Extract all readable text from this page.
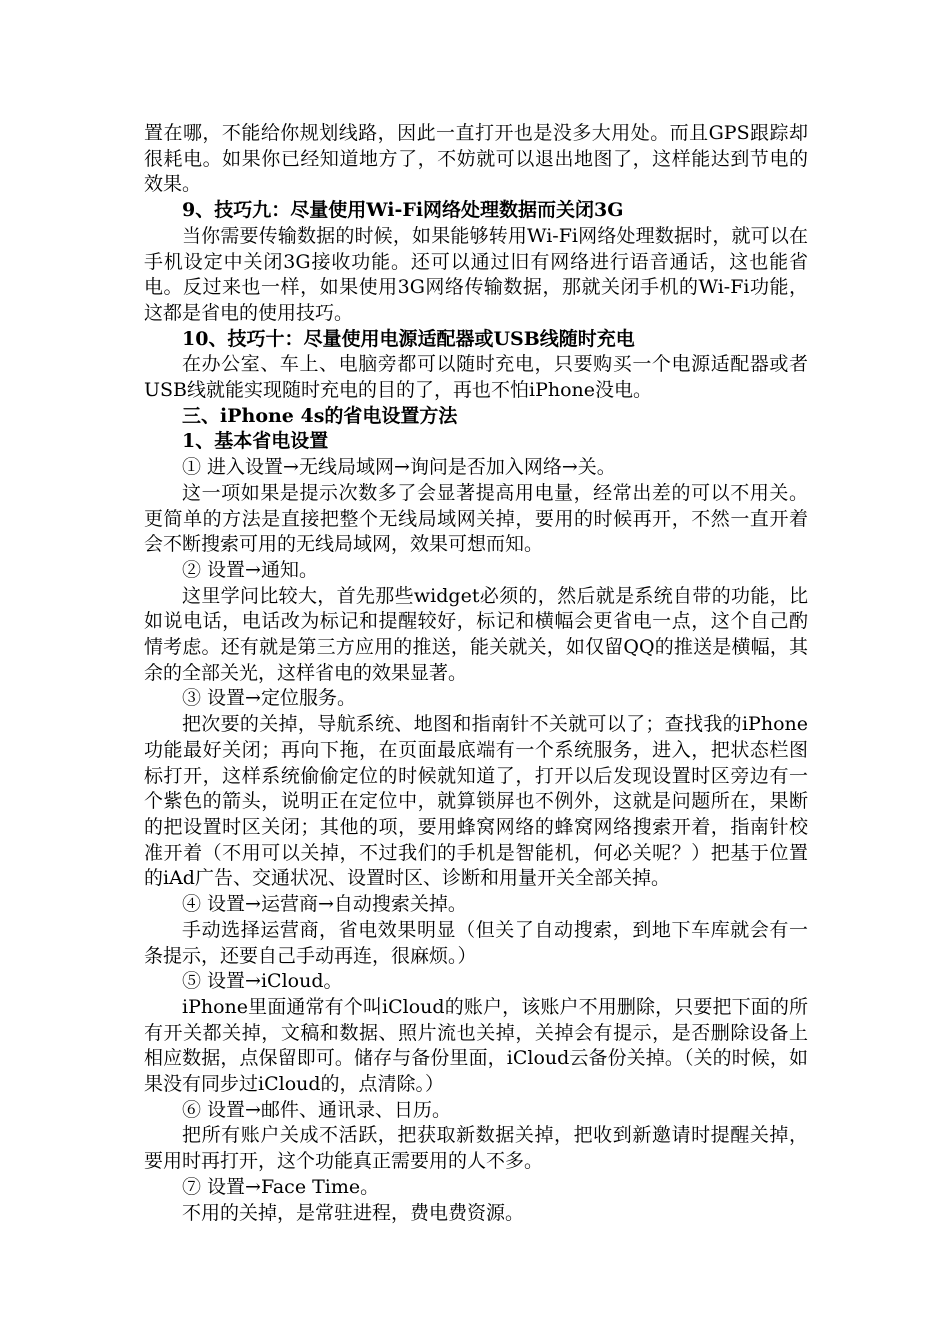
置在哪，不能给你规划线路，因此一直打开也是没多大用处。而且GPS跟踪却很耗电。如果你已经知道地方了，不妨就可以退出地图了，这样能达到节电的效果。

9、技巧九：尽量使用Wi-Fi网络处理数据而关闭3G

当你需要传输数据的时候，如果能够转用Wi-Fi网络处理数据时，就可以在手机设定中关闭3G接收功能。还可以通过旧有网络进行语音通话，这也能省电。反过来也一样，如果使用3G网络传输数据，那就关闭手机的Wi-Fi功能，这都是省电的使用技巧。

10、技巧十：尽量使用电源适配器或USB线随时充电

在办公室、车上、电脑旁都可以随时充电，只要购买一个电源适配器或者USB线就能实现随时充电的目的了，再也不怕iPhone没电。

三、iPhone 4s的省电设置方法

1、基本省电设置

① 进入设置→无线局域网→询问是否加入网络→关。

这一项如果是提示次数多了会显著提高用电量，经常出差的可以不用关。更简单的方法是直接把整个无线局域网关掉，要用的时候再开，不然一直开着会不断搜索可用的无线局域网，效果可想而知。

② 设置→通知。

这里学问比较大，首先那些widget必须的，然后就是系统自带的功能，比如说电话，电话改为标记和提醒较好，标记和横幅会更省电一点，这个自己酌情考虑。还有就是第三方应用的推送，能关就关，如仅留QQ的推送是横幅，其余的全部关光，这样省电的效果显著。

③ 设置→定位服务。

把次要的关掉，导航系统、地图和指南针不关就可以了；查找我的iPhone功能最好关闭；再向下拖，在页面最底端有一个系统服务，进入，把状态栏图标打开，这样系统偷偷定位的时候就知道了，打开以后发现设置时区旁边有一个紫色的箭头，说明正在定位中，就算锁屏也不例外，这就是问题所在，果断的把设置时区关闭；其他的项，要用蜂窝网络的蜂窝网络搜索开着，指南针校准开着（不用可以关掉，不过我们的手机是智能机，何必关呢？）把基于位置的iAd广告、交通状况、设置时区、诊断和用量开关全部关掉。

④ 设置→运营商→自动搜索关掉。

手动选择运营商，省电效果明显（但关了自动搜索，到地下车库就会有一条提示，还要自己手动再连，很麻烦。）

⑤ 设置→iCloud。

iPhone里面通常有个叫iCloud的账户，该账户不用删除，只要把下面的所有开关都关掉，文稿和数据、照片流也关掉，关掉会有提示，是否删除设备上相应数据，点保留即可。储存与备份里面，iCloud云备份关掉。（关的时候，如果没有同步过iCloud的，点清除。）

⑥ 设置→邮件、通讯录、日历。

把所有账户关成不活跃，把获取新数据关掉，把收到新邀请时提醒关掉，要用时再打开，这个功能真正需要用的人不多。

⑦ 设置→Face Time。

不用的关掉，是常驻进程，费电费资源。
